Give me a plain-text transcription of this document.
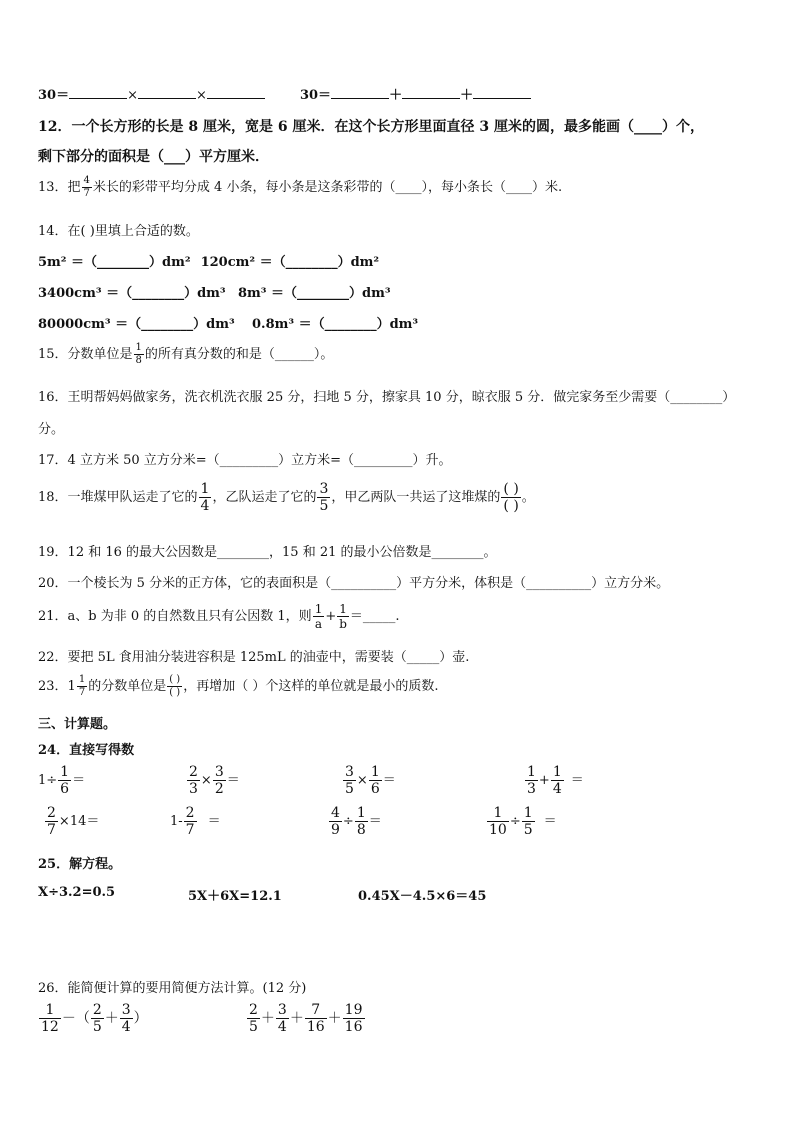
30＝	×	×	30＝	＋	＋
12．一个长方形的长是 8 厘米，宽是 6 厘米．在这个长方形里面直径 3 厘米的圆，最多能画（____）个，
剩下部分的面积是（___）平方厘米．
13．把 $\frac{4}{7}$ 米长的彩带平均分成 4 小条，每小条是这条彩带的（____），每小条长（____）米.
14．在( )里填上合适的数。
5m² ＝（________）dm² 120cm² ＝（________）dm²
3400cm³ ＝（________）dm³ 8m³ ＝（________）dm³
80000cm³ ＝（________）dm³ 0.8m³ ＝（________）dm³
15．分数单位是 $\frac{1}{8}$ 的所有真分数的和是（______）。
16．王明帮妈妈做家务，洗衣机洗衣服 25 分，扫地 5 分，擦家具 10 分，晾衣服 5 分．做完家务至少需要（________）
分。
17．4 立方米 50 立方分米=（_________）立方米=（_________）升。
18．一堆煤甲队运走了它的 $\frac{1}{4}$ ，乙队运走了它的 $\frac{3}{5}$ ，甲乙两队一共运了这堆煤的 $\frac{( )}{( )}$ 。
19．12 和 16 的最大公因数是________，15 和 21 的最小公倍数是________。
20．一个棱长为 5 分米的正方体，它的表面积是（__________）平方分米，体积是（__________）立方分米。
21．a、b 为非 0 的自然数且只有公因数 1，则 $\frac{1}{a} + \frac{1}{b}$ ＝_____.
22．要把 5L 食用油分装进容积是 125mL 的油壶中，需要装（_____）壶.
23．$1 \frac{1}{7}$ 的分数单位是 $\frac{( )}{( )}$ ，再增加（ ）个这样的单位就是最小的质数.
三、计算题。
24．直接写得数
$1\div \frac{1}{6}$ ＝	$\frac{2}{3} \times \frac{3}{2}$ ＝	$\frac{3}{5} \times \frac{1}{6}$ ＝	$\frac{1}{3} + \frac{1}{4}$ ＝
$\frac{2}{7} \times 14=$	$1- \frac{2}{7}$ ＝	$\frac{4}{9} \div \frac{1}{8}$ ＝	$\frac{1}{10} \div \frac{1}{5}$ ＝
25．解方程。
X÷3.2=0.5	5X＋6X=12.1	0.45X－4.5×6＝45
26．能简便计算的要用简便方法计算。(12 分)
$\frac{1}{12}$ －（ $\frac{2}{5} + \frac{3}{4}$ ）	$\frac{2}{5} + \frac{3}{4} + \frac{7}{16} + \frac{19}{16}$
